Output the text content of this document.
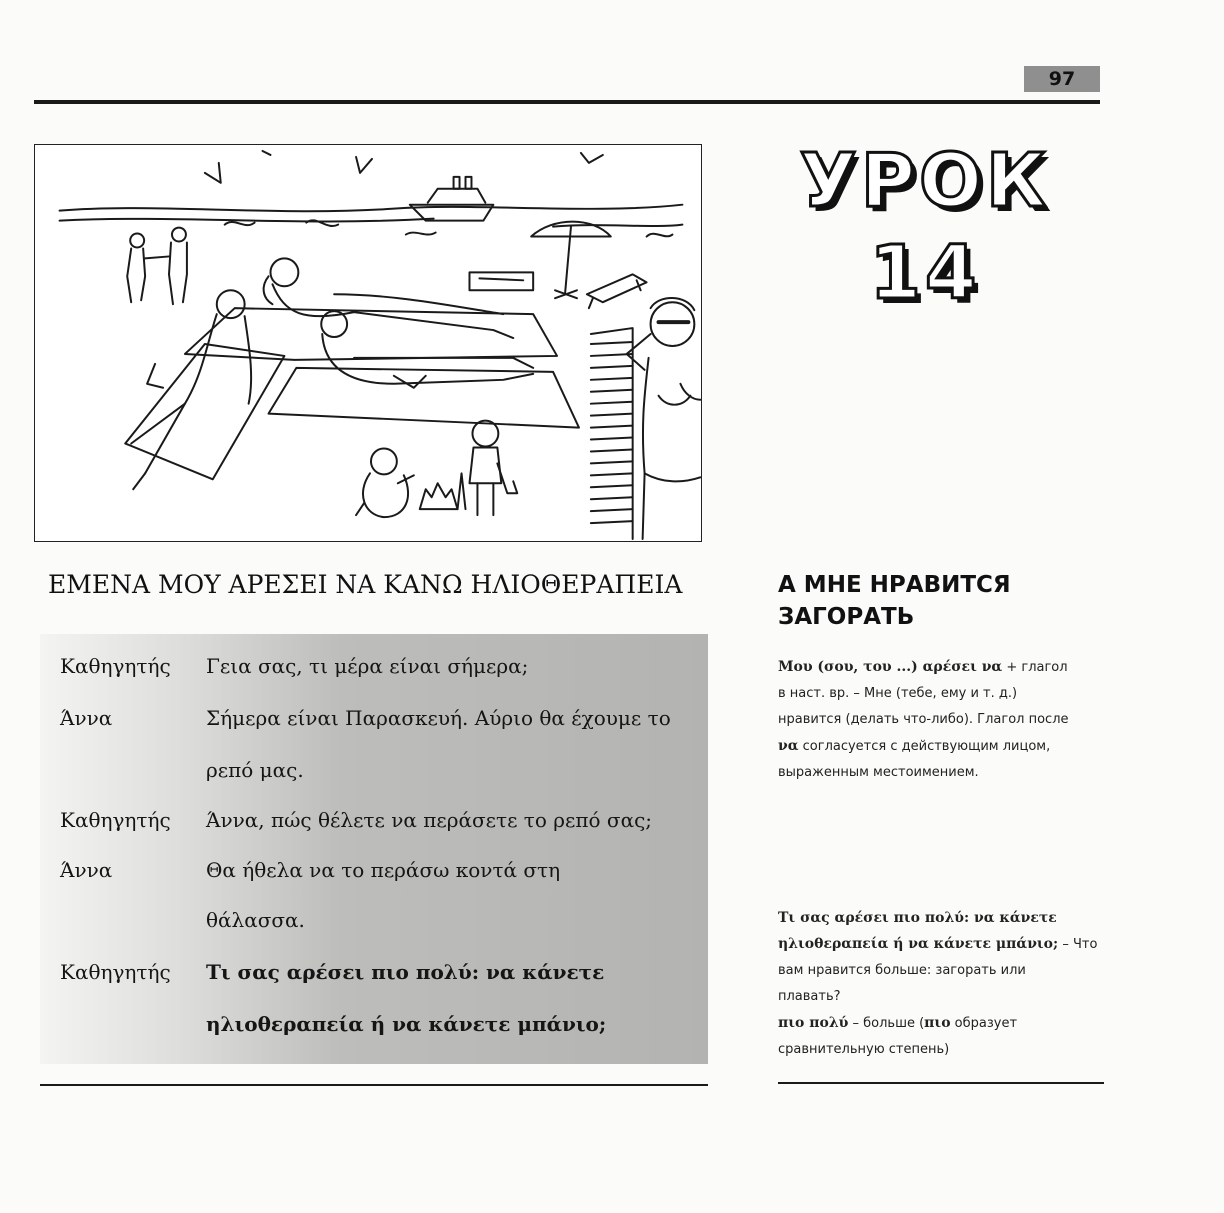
97
УРОК
14
ΕΜΕΝΑ ΜΟΥ ΑΡΕΣΕΙ ΝΑ ΚΑΝΩ ΗΛΙΟΘΕΡΑΠΕΙΑ
Καθηγητής Γεια σας, τι μέρα είναι σήμερα;
Άννα	Σήμερα είναι Παρασκευή. Αύριο θα έχουμε το
ρεπό μας.
Καθηγητής Άννα, πώς θέλετε να περάσετε το ρεπό σας;
Άννα	Θα ήθελα να το περάσω κοντά στη
θάλασσα.
Καθηγητής Τι σας αρέσει πιο πολύ: να κάνετε
ηλιοθεραπεία ή να κάνετε μπάνιο;
А МНЕ НРАВИТСЯ
ЗАГОРАТЬ
Μου (σου, του ...) αρέσει να + глагол
в наст. вр. – Мне (тебе, ему и т. д.)
нравится (делать что-либо). Глагол после
να согласуется с действующим лицом,
выраженным местоимением.
Τι σας αρέσει πιο πολύ: να κάνετε
ηλιοθεραπεία ή να κάνετε μπάνιο; – Что
вам нравится больше: загорать или
плавать?
πιο πολύ – больше (πιο образует
сравнительную степень)
